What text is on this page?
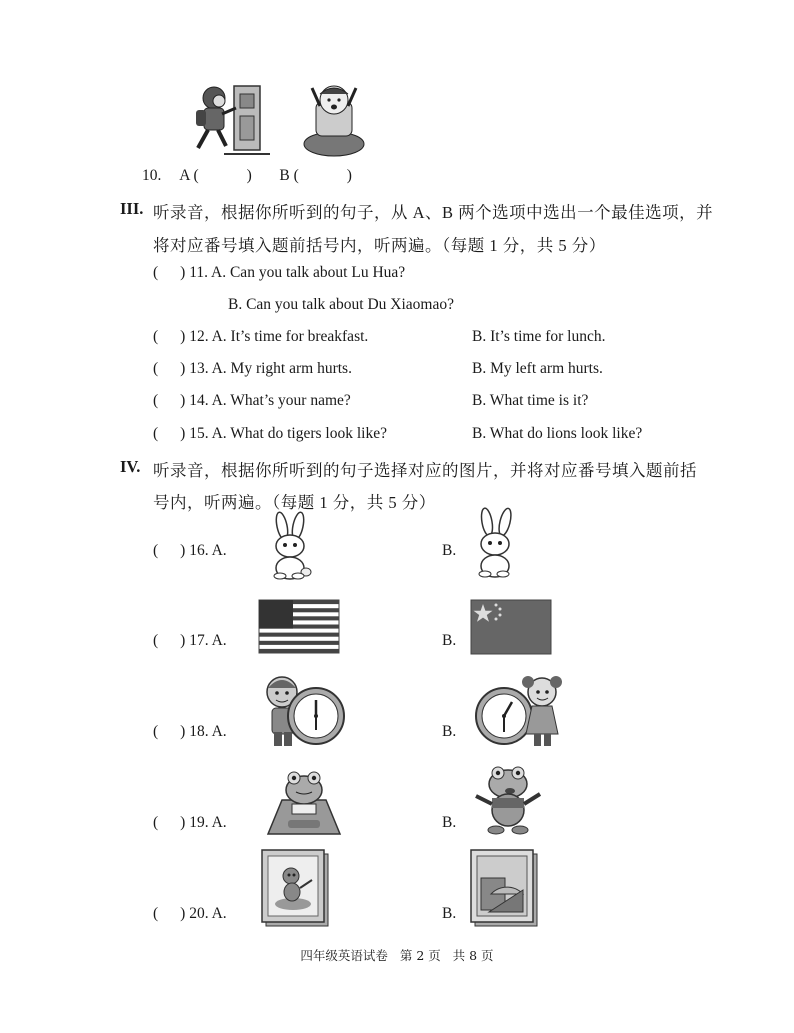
10. A (	) B (	)
III. 听录音，根据你所听到的句子，从 A、B 两个选项中选出一个最佳选项，并
将对应番号填入题前括号内，听两遍。（每题 1 分，共 5 分）
( ) 11. A. Can you talk about Lu Hua?
B. Can you talk about Du Xiaomao?
( ) 12. A. It’s time for breakfast.	B. It’s time for lunch.
( ) 13. A. My right arm hurts.	B. My left arm hurts.
( ) 14. A. What’s your name?	B. What time is it?
( ) 15. A. What do tigers look like?	B. What do lions look like?
IV. 听录音，根据你所听到的句子选择对应的图片，并将对应番号填入题前括
号内，听两遍。（每题 1 分，共 5 分）
( ) 16. A.	B.
( ) 17. A.	B.
( ) 18. A.	B.
( ) 19. A.	B.
( ) 20. A.	B.
四年级英语试卷   第 2 页   共 8 页
